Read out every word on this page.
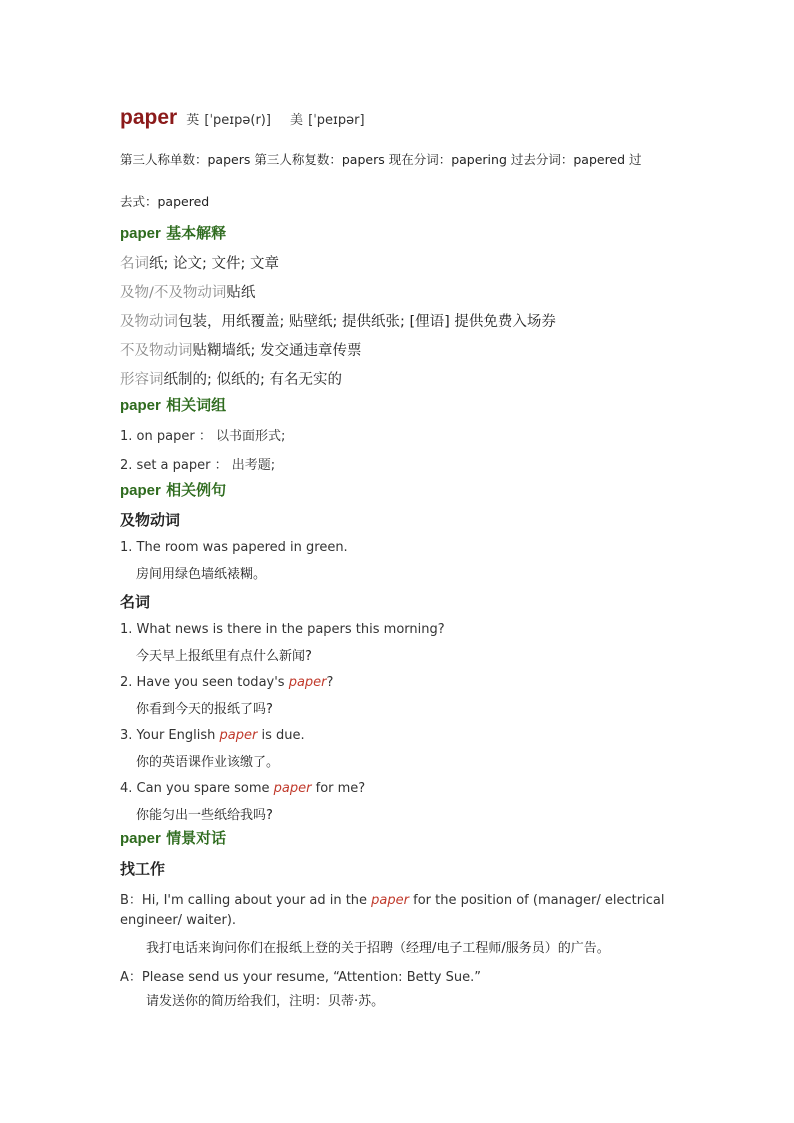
paper 英 [ˈpeɪpə(r)] 美 [ˈpeɪpər]
第三人称单数：papers 第三人称复数：papers 现在分词：papering 过去分词：papered 过
去式：papered
paper 基本解释
名词纸; 论文; 文件; 文章
及物/不及物动词贴纸
及物动词包装，用纸覆盖; 贴壁纸; 提供纸张; [俚语] 提供免费入场券
不及物动词贴糊墙纸; 发交通违章传票
形容词纸制的; 似纸的; 有名无实的
paper 相关词组
1. on paper ： 以书面形式;
2. set a paper ： 出考题;
paper 相关例句
及物动词
1. The room was papered in green.
房间用绿色墙纸裱糊。
名词
1. What news is there in the papers this morning?
今天早上报纸里有点什么新闻?
2. Have you seen today's paper?
你看到今天的报纸了吗?
3. Your English paper is due.
你的英语课作业该缴了。
4. Can you spare some paper for me?
你能匀出一些纸给我吗?
paper 情景对话
找工作
B：Hi, I'm calling about your ad in the paper for the position of (manager/ electrical
engineer/ waiter).
我打电话来询问你们在报纸上登的关于招聘（经理/电子工程师/服务员）的广告。
A：Please send us your resume, “Attention: Betty Sue.”
请发送你的简历给我们，注明：贝蒂·苏。
